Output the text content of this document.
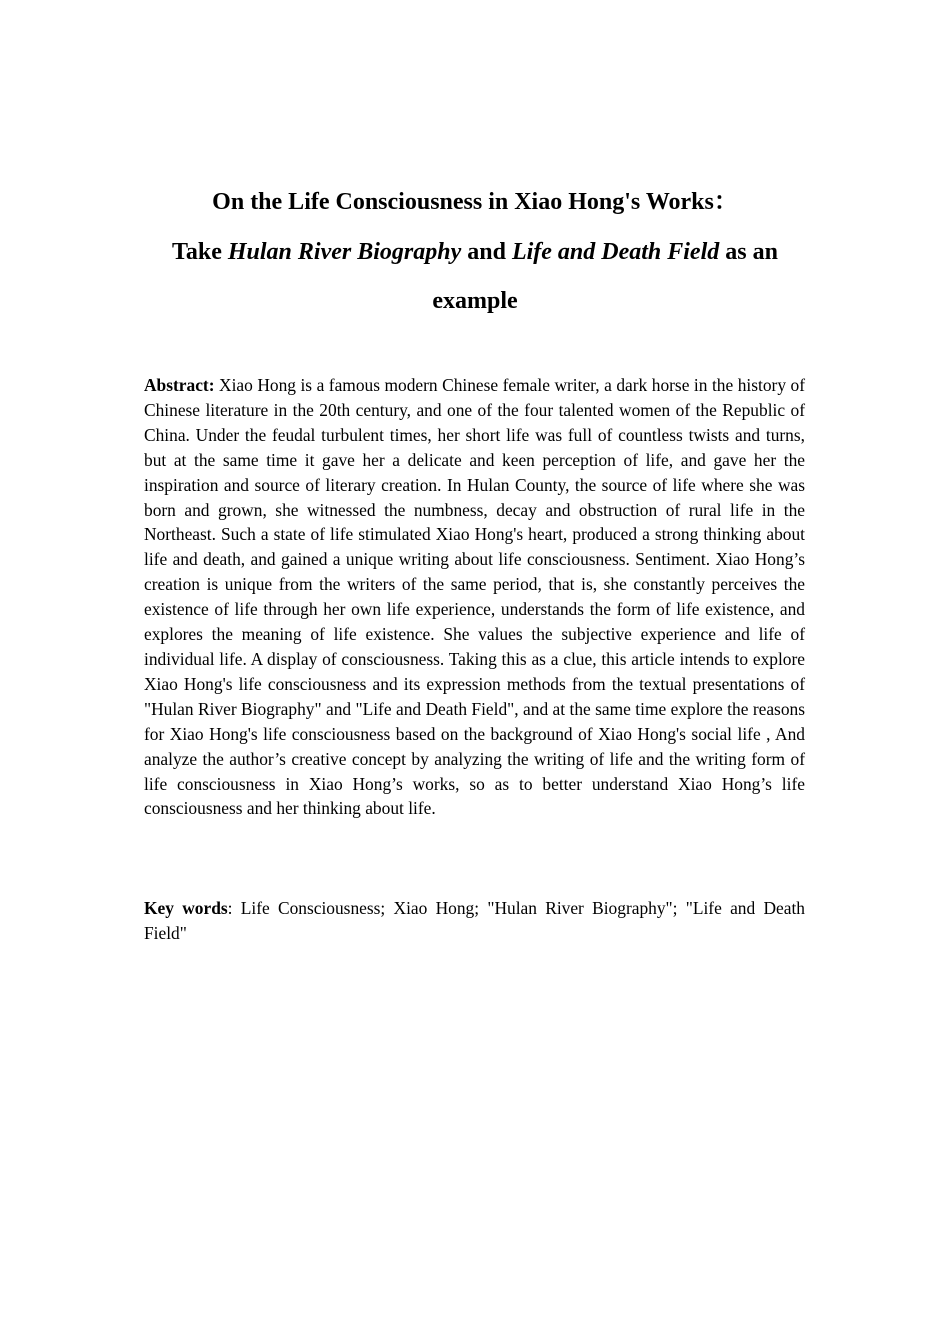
On the Life Consciousness in Xiao Hong's Works：
Take Hulan River Biography and Life and Death Field as an
example

Abstract: Xiao Hong is a famous modern Chinese female writer, a dark horse in the history of Chinese literature in the 20th century, and one of the four talented women of the Republic of China. Under the feudal turbulent times, her short life was full of countless twists and turns, but at the same time it gave her a delicate and keen perception of life, and gave her the inspiration and source of literary creation. In Hulan County, the source of life where she was born and grown, she witnessed the numbness, decay and obstruction of rural life in the Northeast. Such a state of life stimulated Xiao Hong's heart, produced a strong thinking about life and death, and gained a unique writing about life consciousness. Sentiment. Xiao Hong’s creation is unique from the writers of the same period, that is, she constantly perceives the existence of life through her own life experience, understands the form of life existence, and explores the meaning of life existence. She values the subjective experience and life of individual life. A display of consciousness. Taking this as a clue, this article intends to explore Xiao Hong's life consciousness and its expression methods from the textual presentations of "Hulan River Biography" and "Life and Death Field", and at the same time explore the reasons for Xiao Hong's life consciousness based on the background of Xiao Hong's social life , And analyze the author’s creative concept by analyzing the writing of life and the writing form of life consciousness in Xiao Hong’s works, so as to better understand Xiao Hong’s life consciousness and her thinking about life.

Key words: Life Consciousness; Xiao Hong; "Hulan River Biography"; "Life and Death Field"
